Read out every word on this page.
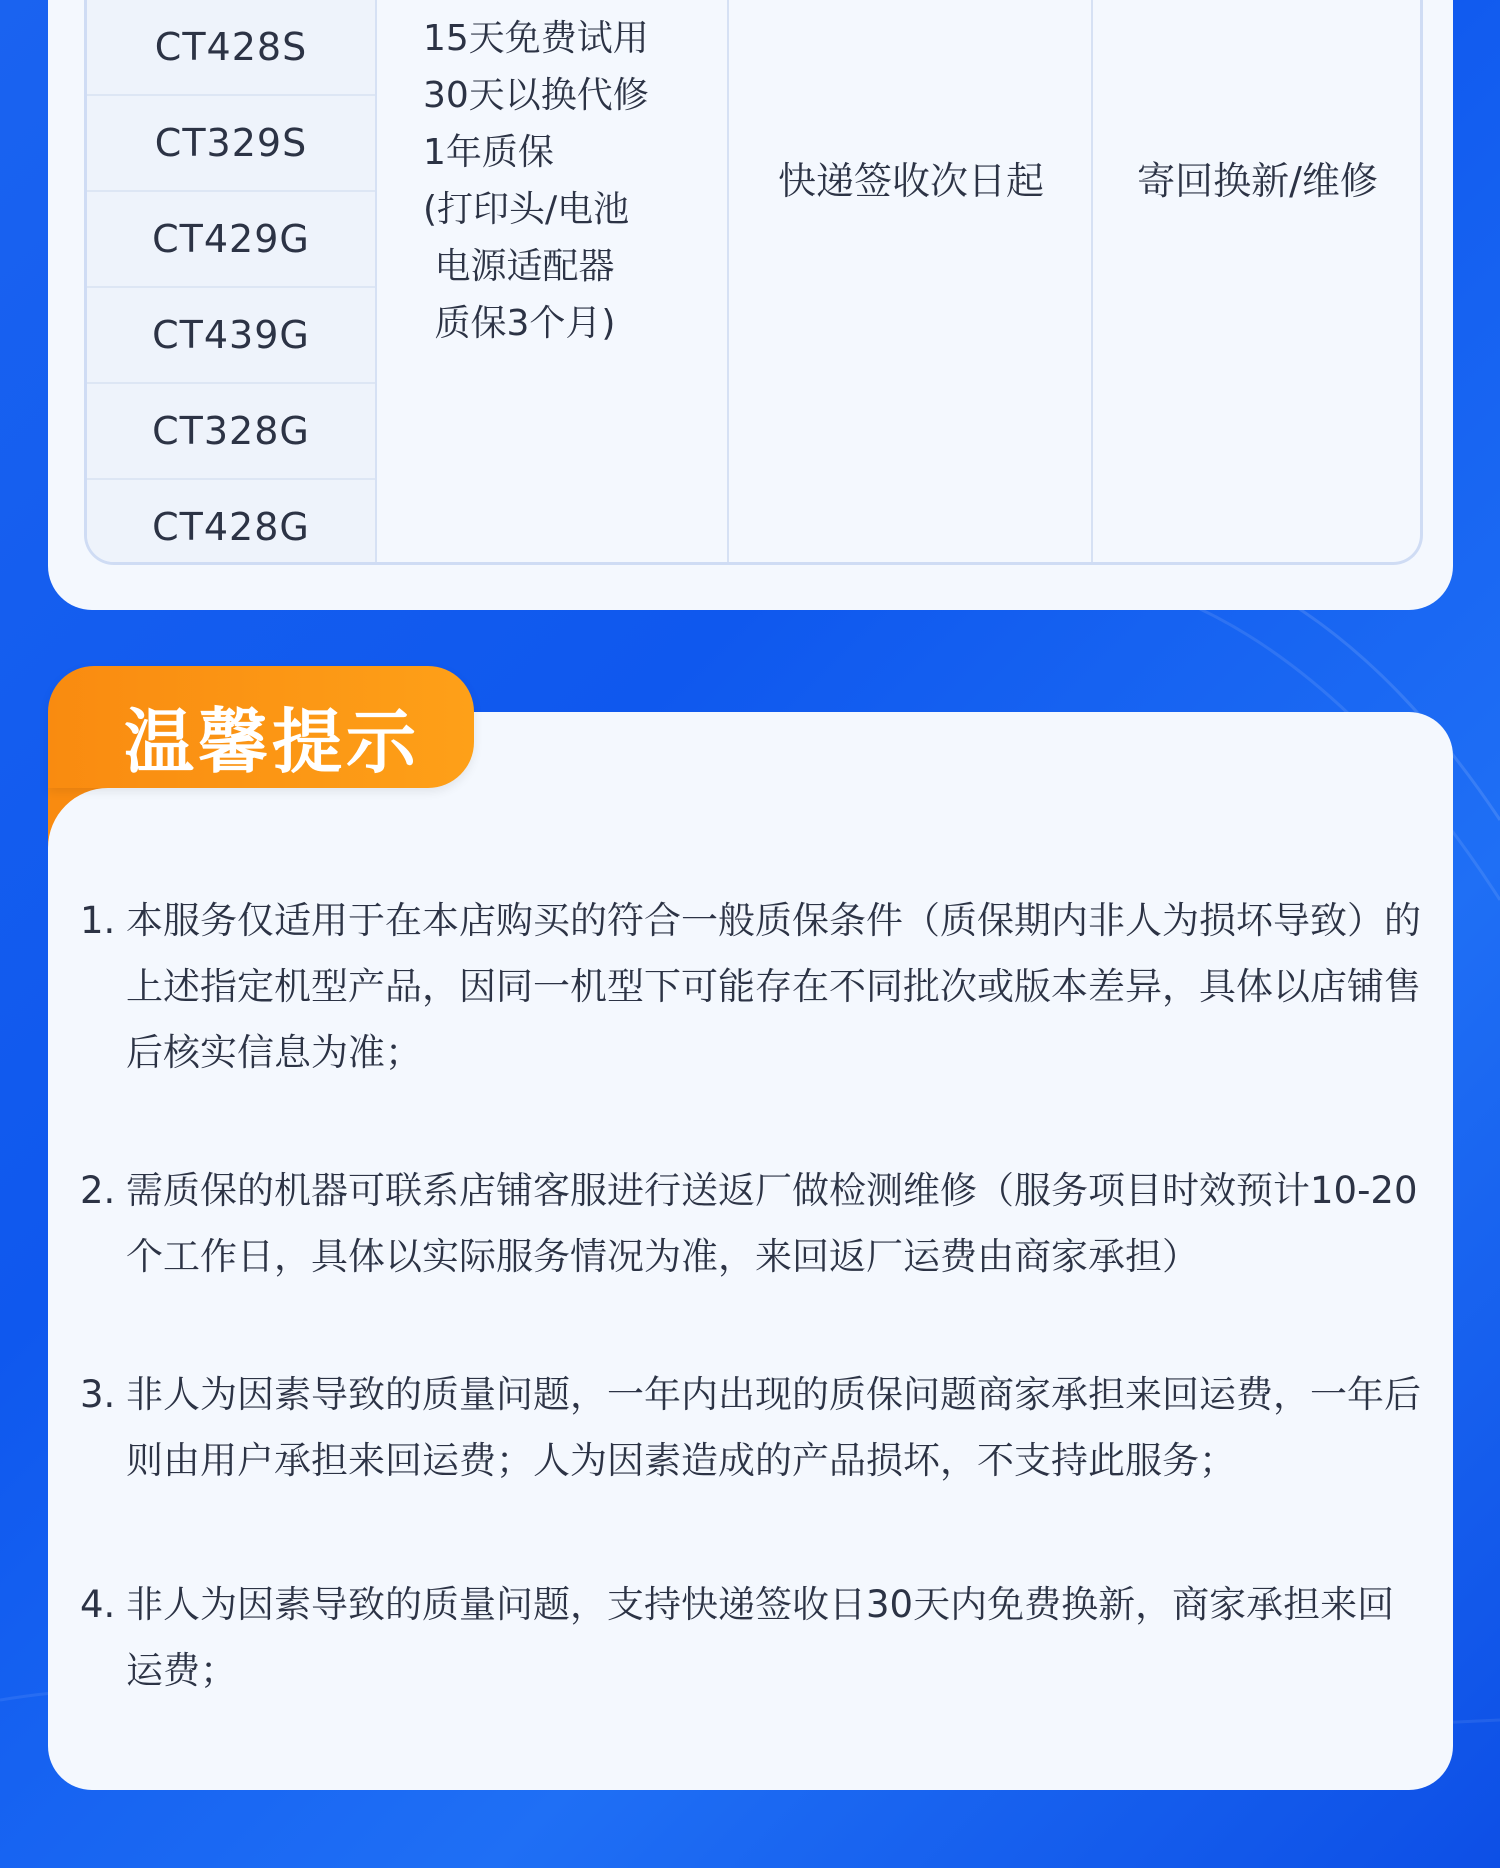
CT428S
CT329S
CT429G
CT439G
CT328G
CT428G
15天免费试用
30天以换代修
1年质保
(打印头/电池
电源适配器
质保3个月)
快递签收次日起	寄回换新/维修
温馨提示
1. 本服务仅适用于在本店购买的符合一般质保条件（质保期内非人为损坏导致）的上述指定机型产品，因同一机型下可能存在不同批次或版本差异，具体以店铺售后核实信息为准；
2. 需质保的机器可联系店铺客服进行送返厂做检测维修（服务项目时效预计10-20个工作日，具体以实际服务情况为准，来回返厂运费由商家承担）
3. 非人为因素导致的质量问题，一年内出现的质保问题商家承担来回运费，一年后则由用户承担来回运费；人为因素造成的产品损坏，不支持此服务；
4. 非人为因素导致的质量问题，支持快递签收日30天内免费换新，商家承担来回运费；
